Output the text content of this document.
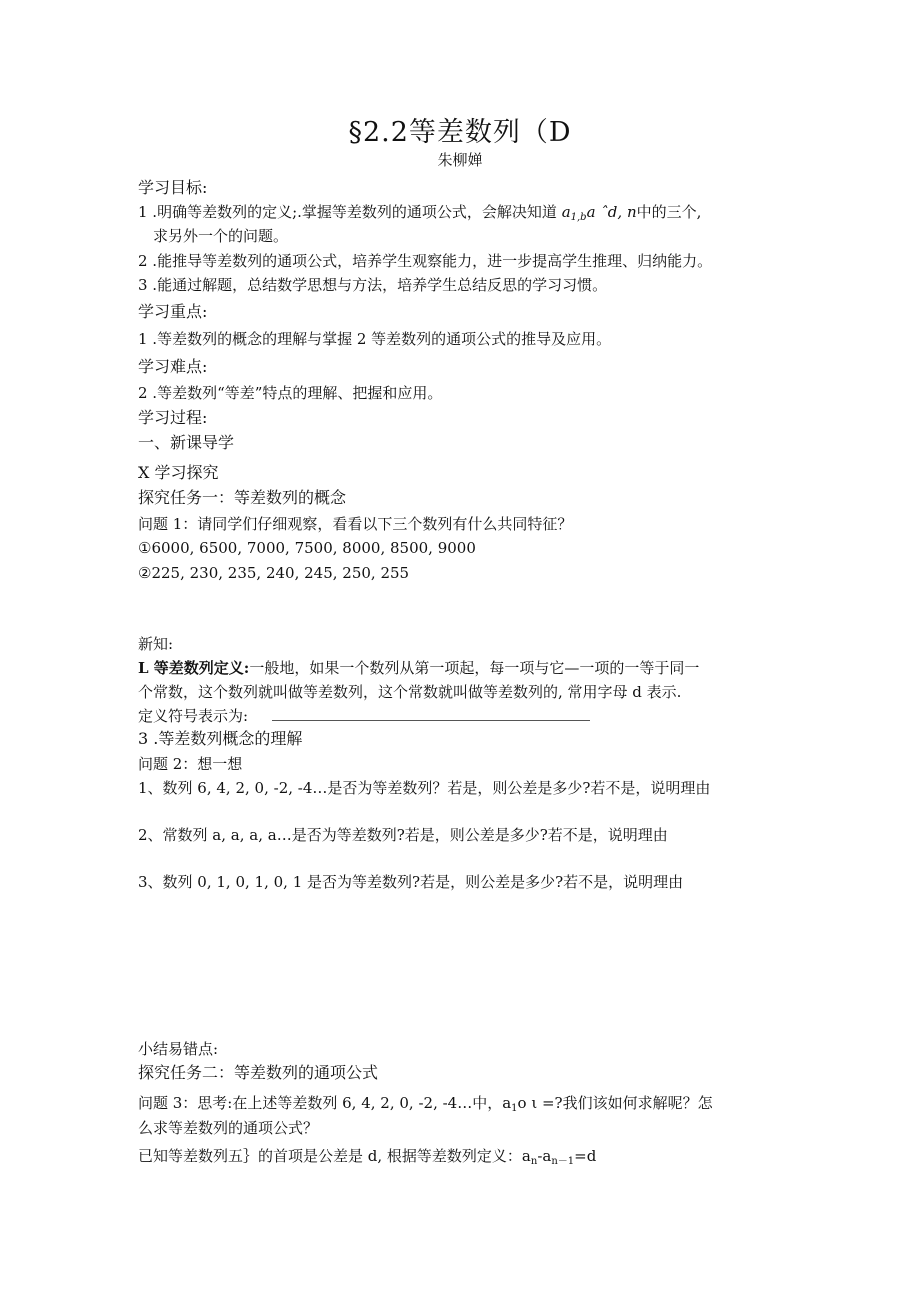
§2.2等差数列（D
朱柳婵
学习目标:
1 .明确等差数列的定义;.掌握等差数列的通项公式，会解决知道 $a_{1,b}a$ ˆd, n中的三个,
求另外一个的问题。
2 .能推导等差数列的通项公式，培养学生观察能力，进一步提高学生推理、归纳能力。
3 .能通过解题，总结数学思想与方法，培养学生总结反思的学习习惯。
学习重点:
1 .等差数列的概念的理解与掌握 2 等差数列的通项公式的推导及应用。
学习难点:
2 .等差数列“等差”特点的理解、把握和应用。
学习过程:
一、新课导学
X 学习探究
探究任务一：等差数列的概念
问题 1：请同学们仔细观察，看看以下三个数列有什么共同特征？
①6000, 6500, 7000, 7500, 8000, 8500, 9000
②225, 230, 235, 240, 245, 250, 255
新知:
L 等差数列定义:一般地，如果一个数列从第一项起，每一项与它—一项的一等于同一
个常数，这个数列就叫做等差数列，这个常数就叫做等差数列的, 常用字母 d 表示.
定义符号表示为:
3 .等差数列概念的理解
问题 2：想一想
1、数列 6, 4, 2, 0, -2, -4…是否为等差数列？若是，则公差是多少?若不是，说明理由
2、常数列 a, a, a, a…是否为等差数列?若是，则公差是多少?若不是，说明理由
3、数列 0, 1, 0, 1, 0, 1 是否为等差数列?若是，则公差是多少?若不是，说明理由
小结易错点:
探究任务二：等差数列的通项公式
问题 3：思考:在上述等差数列 6, 4, 2, 0, -2, -4…中，$a_1o$ ι =?我们该如何求解呢？怎
么求等差数列的通项公式？
已知等差数列五｝的首项是公差是 d, 根据等差数列定义：$a_n-a_{n-1}=d$
